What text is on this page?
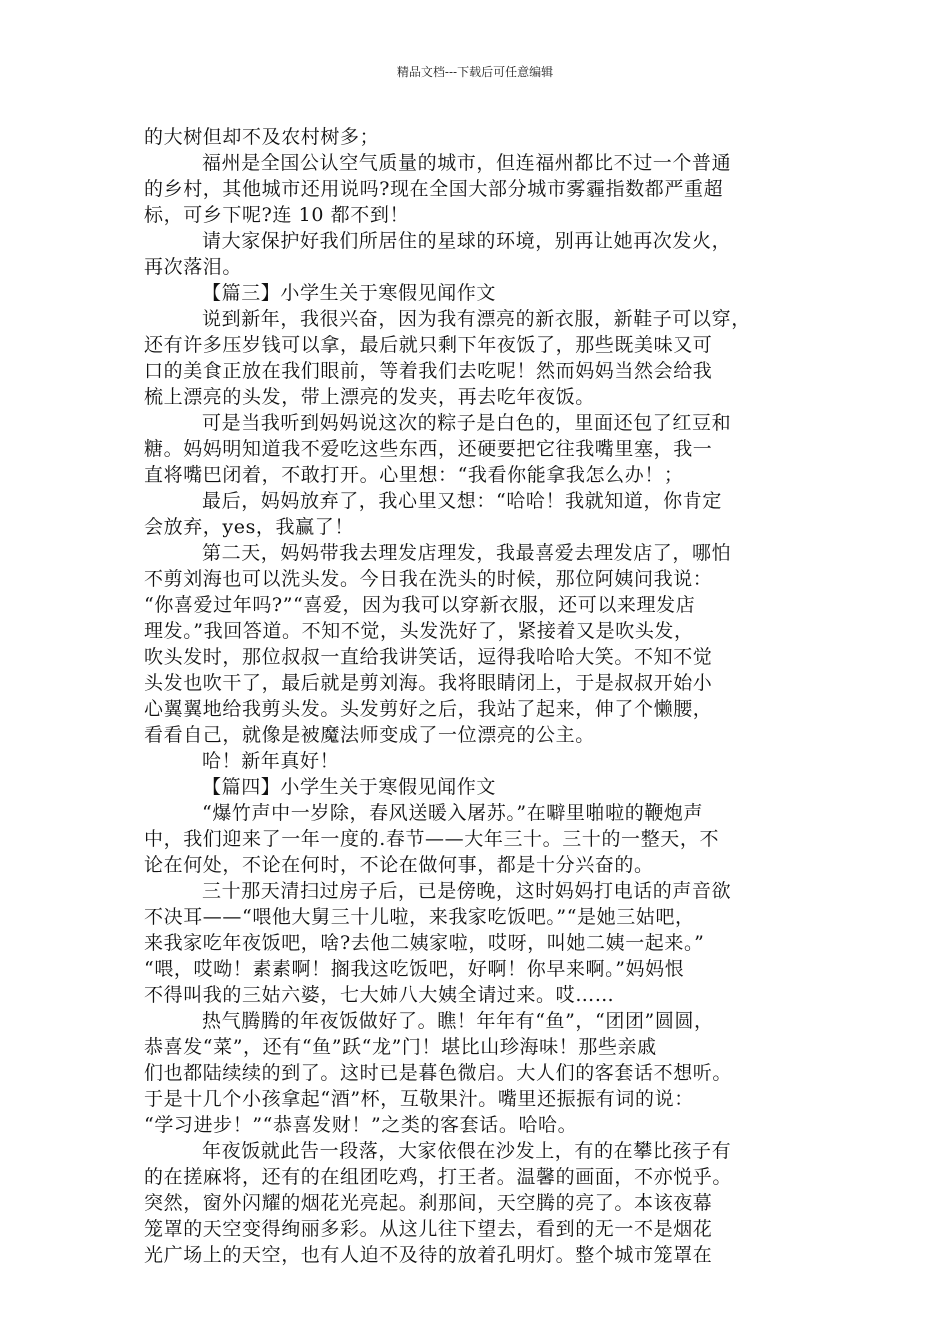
精品文档---下载后可任意编辑
的大树但却不及农村树多；
福州是全国公认空气质量的城市，但连福州都比不过一个普通
的乡村，其他城市还用说吗?现在全国大部分城市雾霾指数都严重超
标，可乡下呢?连 10 都不到！
请大家保护好我们所居住的星球的环境，别再让她再次发火，
再次落泪。
【篇三】小学生关于寒假见闻作文
说到新年，我很兴奋，因为我有漂亮的新衣服，新鞋子可以穿，
还有许多压岁钱可以拿，最后就只剩下年夜饭了，那些既美味又可
口的美食正放在我们眼前，等着我们去吃呢！然而妈妈当然会给我
梳上漂亮的头发，带上漂亮的发夹，再去吃年夜饭。
可是当我听到妈妈说这次的粽子是白色的，里面还包了红豆和
糖。妈妈明知道我不爱吃这些东西，还硬要把它往我嘴里塞，我一
直将嘴巴闭着，不敢打开。心里想：“我看你能拿我怎么办！；
最后，妈妈放弃了，我心里又想：“哈哈！我就知道，你肯定
会放弃，yes，我赢了！
第二天，妈妈带我去理发店理发，我最喜爱去理发店了，哪怕
不剪刘海也可以洗头发。今日我在洗头的时候，那位阿姨问我说：
“你喜爱过年吗?”“喜爱，因为我可以穿新衣服，还可以来理发店
理发。”我回答道。不知不觉，头发洗好了，紧接着又是吹头发，
吹头发时，那位叔叔一直给我讲笑话，逗得我哈哈大笑。不知不觉
头发也吹干了，最后就是剪刘海。我将眼睛闭上，于是叔叔开始小
心翼翼地给我剪头发。头发剪好之后，我站了起来，伸了个懒腰，
看看自己，就像是被魔法师变成了一位漂亮的公主。
哈！新年真好！
【篇四】小学生关于寒假见闻作文
“爆竹声中一岁除，春风送暖入屠苏。”在噼里啪啦的鞭炮声
中，我们迎来了一年一度的.春节——大年三十。三十的一整天，不
论在何处，不论在何时，不论在做何事，都是十分兴奋的。
三十那天清扫过房子后，已是傍晚，这时妈妈打电话的声音欲
不决耳——“喂他大舅三十儿啦，来我家吃饭吧。”“是她三姑吧，
来我家吃年夜饭吧，啥?去他二姨家啦，哎呀，叫她二姨一起来。”
“喂，哎呦！素素啊！搁我这吃饭吧，好啊！你早来啊。”妈妈恨
不得叫我的三姑六婆，七大姉八大姨全请过来。哎……
热气腾腾的年夜饭做好了。瞧！年年有“鱼”，“团团”圆圆，
恭喜发“菜”，还有“鱼”跃“龙”门！堪比山珍海味！那些亲戚
们也都陆续续的到了。这时已是暮色微启。大人们的客套话不想听。
于是十几个小孩拿起“酒”杯，互敬果汁。嘴里还振振有词的说：
“学习进步！”“恭喜发财！”之类的客套话。哈哈。
年夜饭就此告一段落，大家依偎在沙发上，有的在攀比孩子有
的在搓麻将，还有的在组团吃鸡，打王者。温馨的画面，不亦悦乎。
突然，窗外闪耀的烟花光亮起。刹那间，天空腾的亮了。本该夜幕
笼罩的天空变得绚丽多彩。从这儿往下望去，看到的无一不是烟花
光广场上的天空，也有人迫不及待的放着孔明灯。整个城市笼罩在
